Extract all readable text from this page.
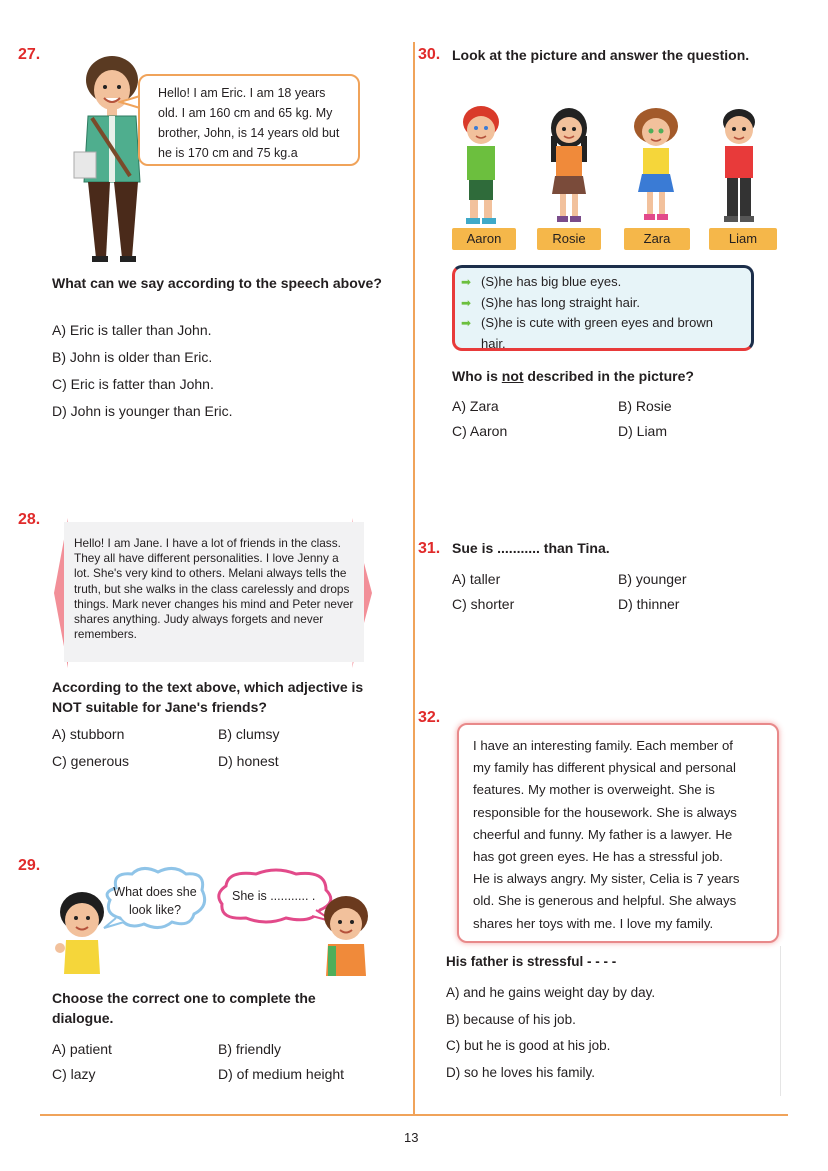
13
27.
Hello! I am Eric. I am 18 years old. I am 160 cm and 65 kg. My brother, John, is 14 years old but he is 170 cm and 75 kg.a
What can we say according to the speech above?
A) Eric is taller than John.
B) John is older than Eric.
C) Eric is fatter than John.
D) John is younger than Eric.
28.
Hello! I am Jane. I have a lot of friends in the class. They all have different personalities. I love Jenny a lot. She's very kind to others. Melani always tells the truth, but she walks in the class carelessly and drops things. Mark never changes his mind and Peter never shares anything. Judy always forgets and never remembers.
According to the text above, which adjective is
NOT suitable for Jane's friends?
A) stubborn	B) clumsy
C) generous	D) honest
29.
What does she look like?
She is ........... .
Choose the correct one to complete the
dialogue.
A) patient	B) friendly
C) lazy	D) of medium height
30. Look at the picture and answer the question.
Aaron	Rosie	Zara	Liam
➡ (S)he has big blue eyes.
➡ (S)he has long straight hair.
➡ (S)he is cute with green eyes and brown
hair.
Who is not described in the picture?
A) Zara	B) Rosie
C) Aaron	D) Liam
31. Sue is ........... than Tina.
A) taller	B) younger
C) shorter	D) thinner
32.
I have an interesting family. Each member of
my family has different physical and personal
features. My mother is overweight. She is
responsible for the housework. She is always
cheerful and funny. My father is a lawyer. He
has got green eyes. He has a stressful job.
He is always angry. My sister, Celia is 7 years
old. She is generous and helpful. She always
shares her toys with me. I love my family.
His father is stressful - - - -
A) and he gains weight day by day.
B) because of his job.
C) but he is good at his job.
D) so he loves his family.
